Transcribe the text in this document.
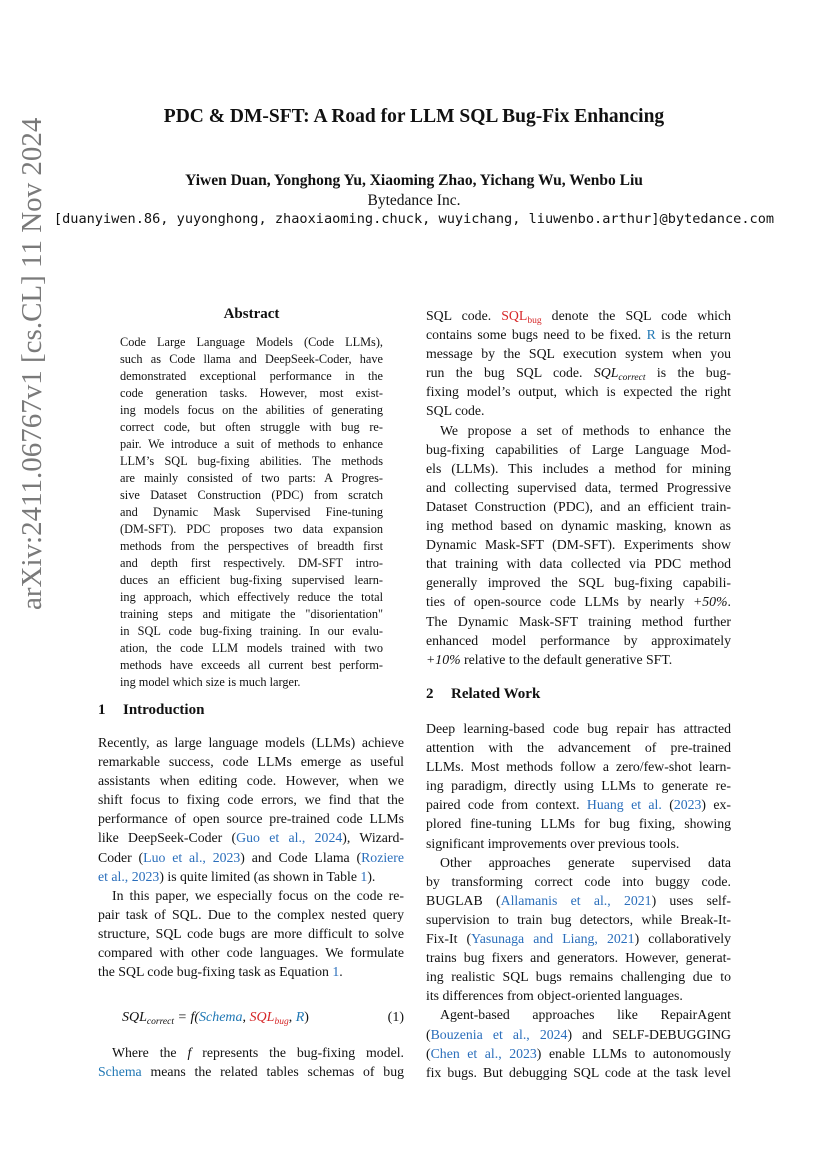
PDC & DM-SFT: A Road for LLM SQL Bug-Fix Enhancing
Yiwen Duan, Yonghong Yu, Xiaoming Zhao, Yichang Wu, Wenbo Liu
Bytedance Inc.
[duanyiwen.86, yuyonghong, zhaoxiaoming.chuck, wuyichang, liuwenbo.arthur]@bytedance.com
arXiv:2411.06767v1 [cs.CL] 11 Nov 2024	Abstract
Code Large Language Models (Code LLMs),
such as Code llama and DeepSeek-Coder, have
demonstrated exceptional performance in the
code generation tasks. However, most exist-
ing models focus on the abilities of generating
correct code, but often struggle with bug re-
pair. We introduce a suit of methods to enhance
LLM’s SQL bug-fixing abilities. The methods
are mainly consisted of two parts: A Progres-
sive Dataset Construction (PDC) from scratch
and Dynamic Mask Supervised Fine-tuning
(DM-SFT). PDC proposes two data expansion
methods from the perspectives of breadth first
and depth first respectively. DM-SFT intro-
duces an efficient bug-fixing supervised learn-
ing approach, which effectively reduce the total
training steps and mitigate the "disorientation"
in SQL code bug-fixing training. In our evalu-
ation, the code LLM models trained with two
methods have exceeds all current best perform-
ing model which size is much larger.
1 Introduction
Recently, as large language models (LLMs) achieve
remarkable success, code LLMs emerge as useful
assistants when editing code. However, when we
shift focus to fixing code errors, we find that the
performance of open source pre-trained code LLMs
like DeepSeek-Coder (Guo et al., 2024), Wizard-
Coder (Luo et al., 2023) and Code Llama (Roziere
et al., 2023) is quite limited (as shown in Table 1).
In this paper, we especially focus on the code re-
pair task of SQL. Due to the complex nested query
structure, SQL code bugs are more difficult to solve
compared with other code languages. We formulate
the SQL code bug-fixing task as Equation 1.
$SQL_{correct}$ = f(Schema, $SQL_{bug}$, R)	(1)
Where the f represents the bug-fixing model.
Schema means the related tables schemas of bug
SQL code. $SQL_{bug}$ denote the SQL code which
contains some bugs need to be fixed. R is the return
message by the SQL execution system when you
run the bug SQL code. $SQL_{correct}$ is the bug-
fixing model’s output, which is expected the right
SQL code.
We propose a set of methods to enhance the
bug-fixing capabilities of Large Language Mod-
els (LLMs). This includes a method for mining
and collecting supervised data, termed Progressive
Dataset Construction (PDC), and an efficient train-
ing method based on dynamic masking, known as
Dynamic Mask-SFT (DM-SFT). Experiments show
that training with data collected via PDC method
generally improved the SQL bug-fixing capabili-
ties of open-source code LLMs by nearly +50%.
The Dynamic Mask-SFT training method further
enhanced model performance by approximately
+10% relative to the default generative SFT.
2 Related Work
Deep learning-based code bug repair has attracted
attention with the advancement of pre-trained
LLMs. Most methods follow a zero/few-shot learn-
ing paradigm, directly using LLMs to generate re-
paired code from context. Huang et al. (2023) ex-
plored fine-tuning LLMs for bug fixing, showing
significant improvements over previous tools.
Other approaches generate supervised data
by transforming correct code into buggy code.
BUGLAB (Allamanis et al., 2021) uses self-
supervision to train bug detectors, while Break-It-
Fix-It (Yasunaga and Liang, 2021) collaboratively
trains bug fixers and generators. However, generat-
ing realistic SQL bugs remains challenging due to
its differences from object-oriented languages.
Agent-based approaches like RepairAgent
(Bouzenia et al., 2024) and SELF-DEBUGGING
(Chen et al., 2023) enable LLMs to autonomously
fix bugs. But debugging SQL code at the task level
